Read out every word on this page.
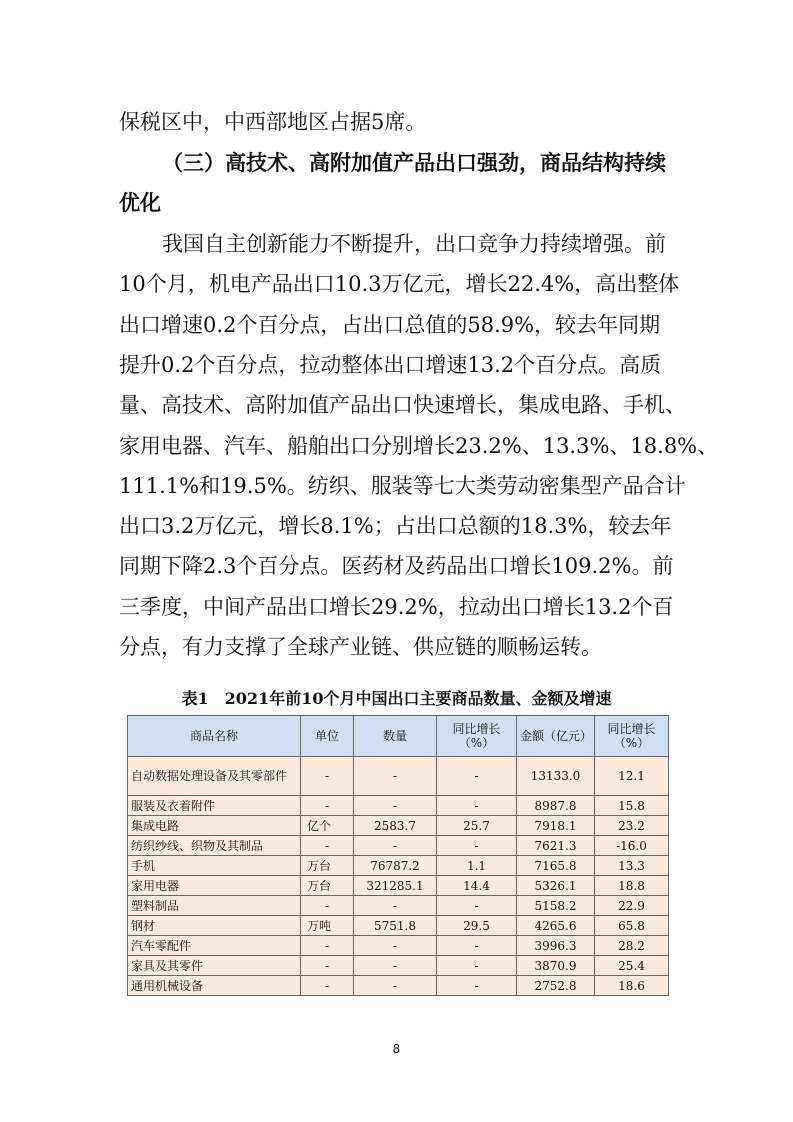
保税区中，中西部地区占据5席。
（三）高技术、高附加值产品出口强劲，商品结构持续
优化
我国自主创新能力不断提升，出口竞争力持续增强。前
10个月，机电产品出口10.3万亿元，增长22.4%，高出整体
出口增速0.2个百分点，占出口总值的58.9%，较去年同期
提升0.2个百分点，拉动整体出口增速13.2个百分点。高质
量、高技术、高附加值产品出口快速增长，集成电路、手机、
家用电器、汽车、船舶出口分别增长23.2%、13.3%、18.8%、
111.1%和19.5%。纺织、服装等七大类劳动密集型产品合计
出口3.2万亿元，增长8.1%；占出口总额的18.3%，较去年
同期下降2.3个百分点。医药材及药品出口增长109.2%。前
三季度，中间产品出口增长29.2%，拉动出口增长13.2个百
分点，有力支撑了全球产业链、供应链的顺畅运转。
表1　2021年前10个月中国出口主要商品数量、金额及增速
商品名称	单位	数量	同比增长（%）	金额（亿元）	同比增长（%）
自动数据处理设备及其零部件	-	-	-	13133.0	12.1
服装及衣着附件	-	-	-	8987.8	15.8
集成电路	亿个	2583.7	25.7	7918.1	23.2
纺织纱线、织物及其制品	-	-	-	7621.3	-16.0
手机	万台	76787.2	1.1	7165.8	13.3
家用电器	万台	321285.1	14.4	5326.1	18.8
塑料制品	-	-	-	5158.2	22.9
钢材	万吨	5751.8	29.5	4265.6	65.8
汽车零配件	-	-	-	3996.3	28.2
家具及其零件	-	-	-	3870.9	25.4
通用机械设备	-	-	-	2752.8	18.6
8
